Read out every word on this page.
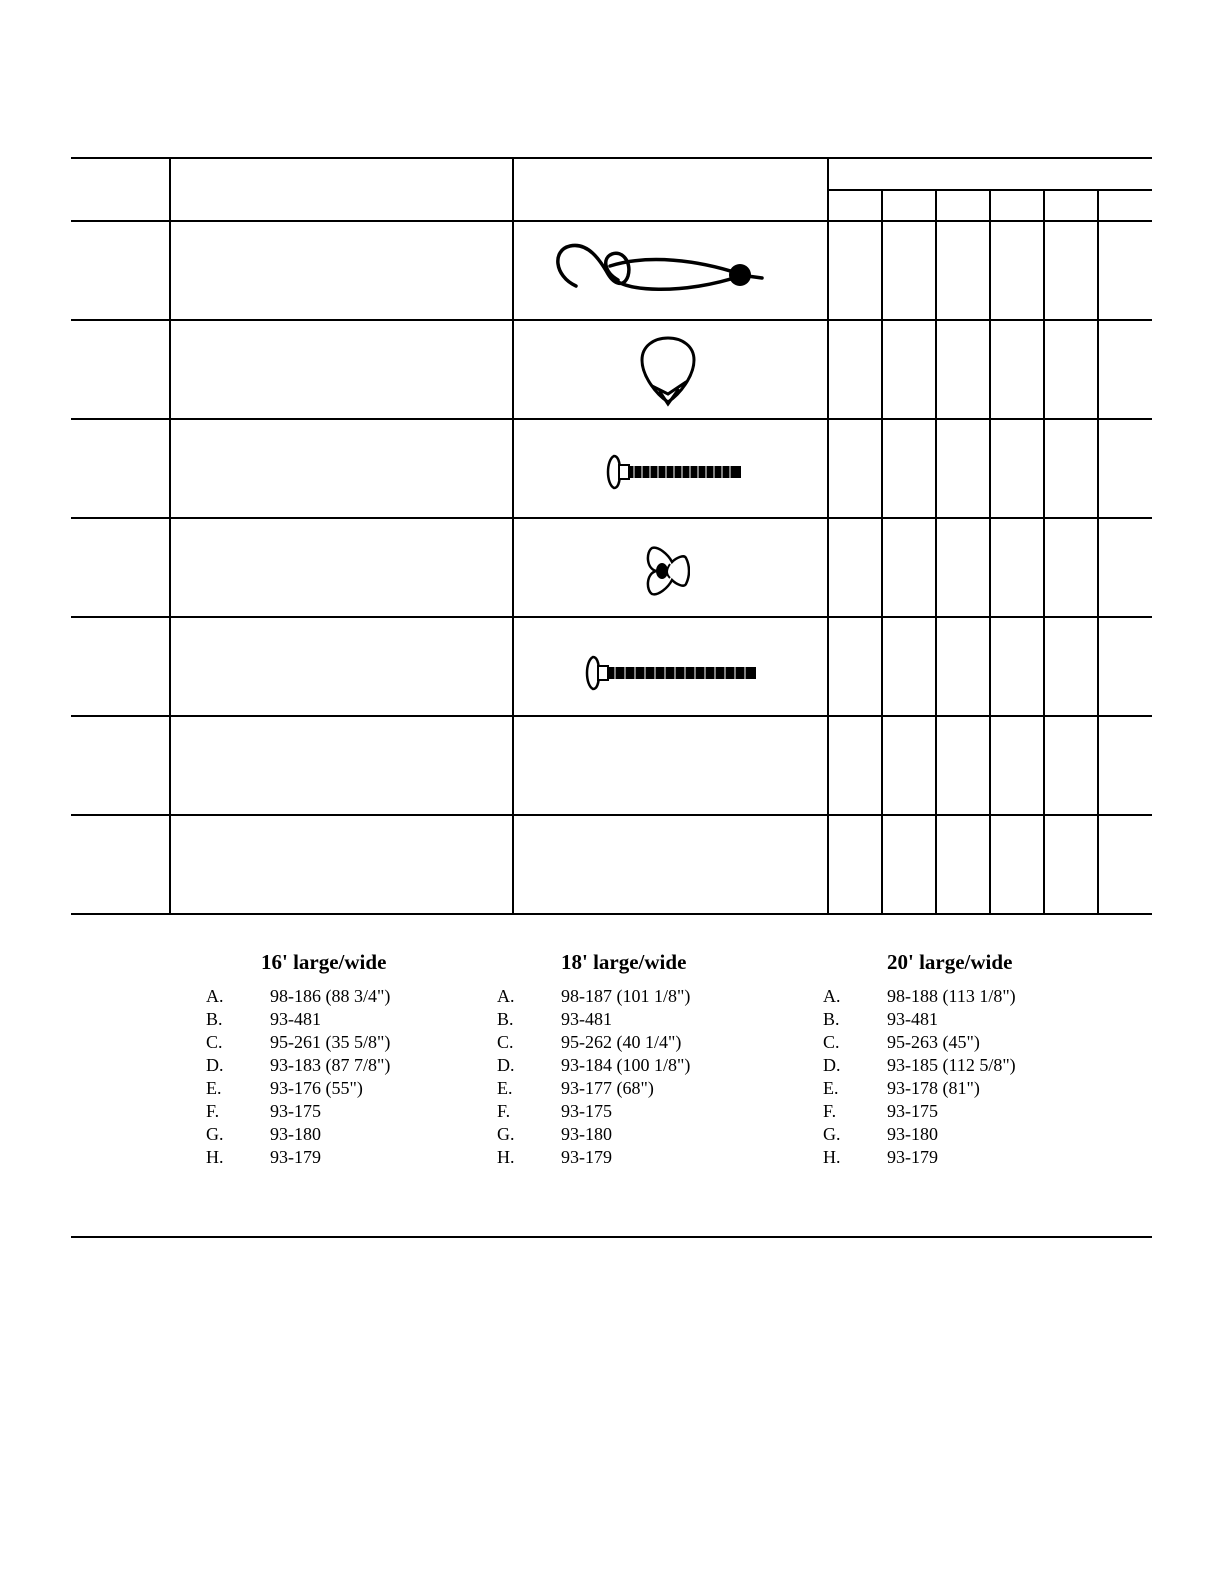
16' large/wide
A.	98-186 (88 3/4")
B.	93-481
C.	95-261 (35 5/8")
D.	93-183 (87 7/8")
E.	93-176 (55")
F.	93-175
G.	93-180
H.	93-179
18' large/wide
A.	98-187 (101 1/8")
B.	93-481
C.	95-262 (40 1/4")
D.	93-184 (100 1/8")
E.	93-177 (68")
F.	93-175
G.	93-180
H.	93-179
20' large/wide
A.	98-188 (113 1/8")
B.	93-481
C.	95-263 (45")
D.	93-185 (112 5/8")
E.	93-178 (81")
F.	93-175
G.	93-180
H.	93-179
